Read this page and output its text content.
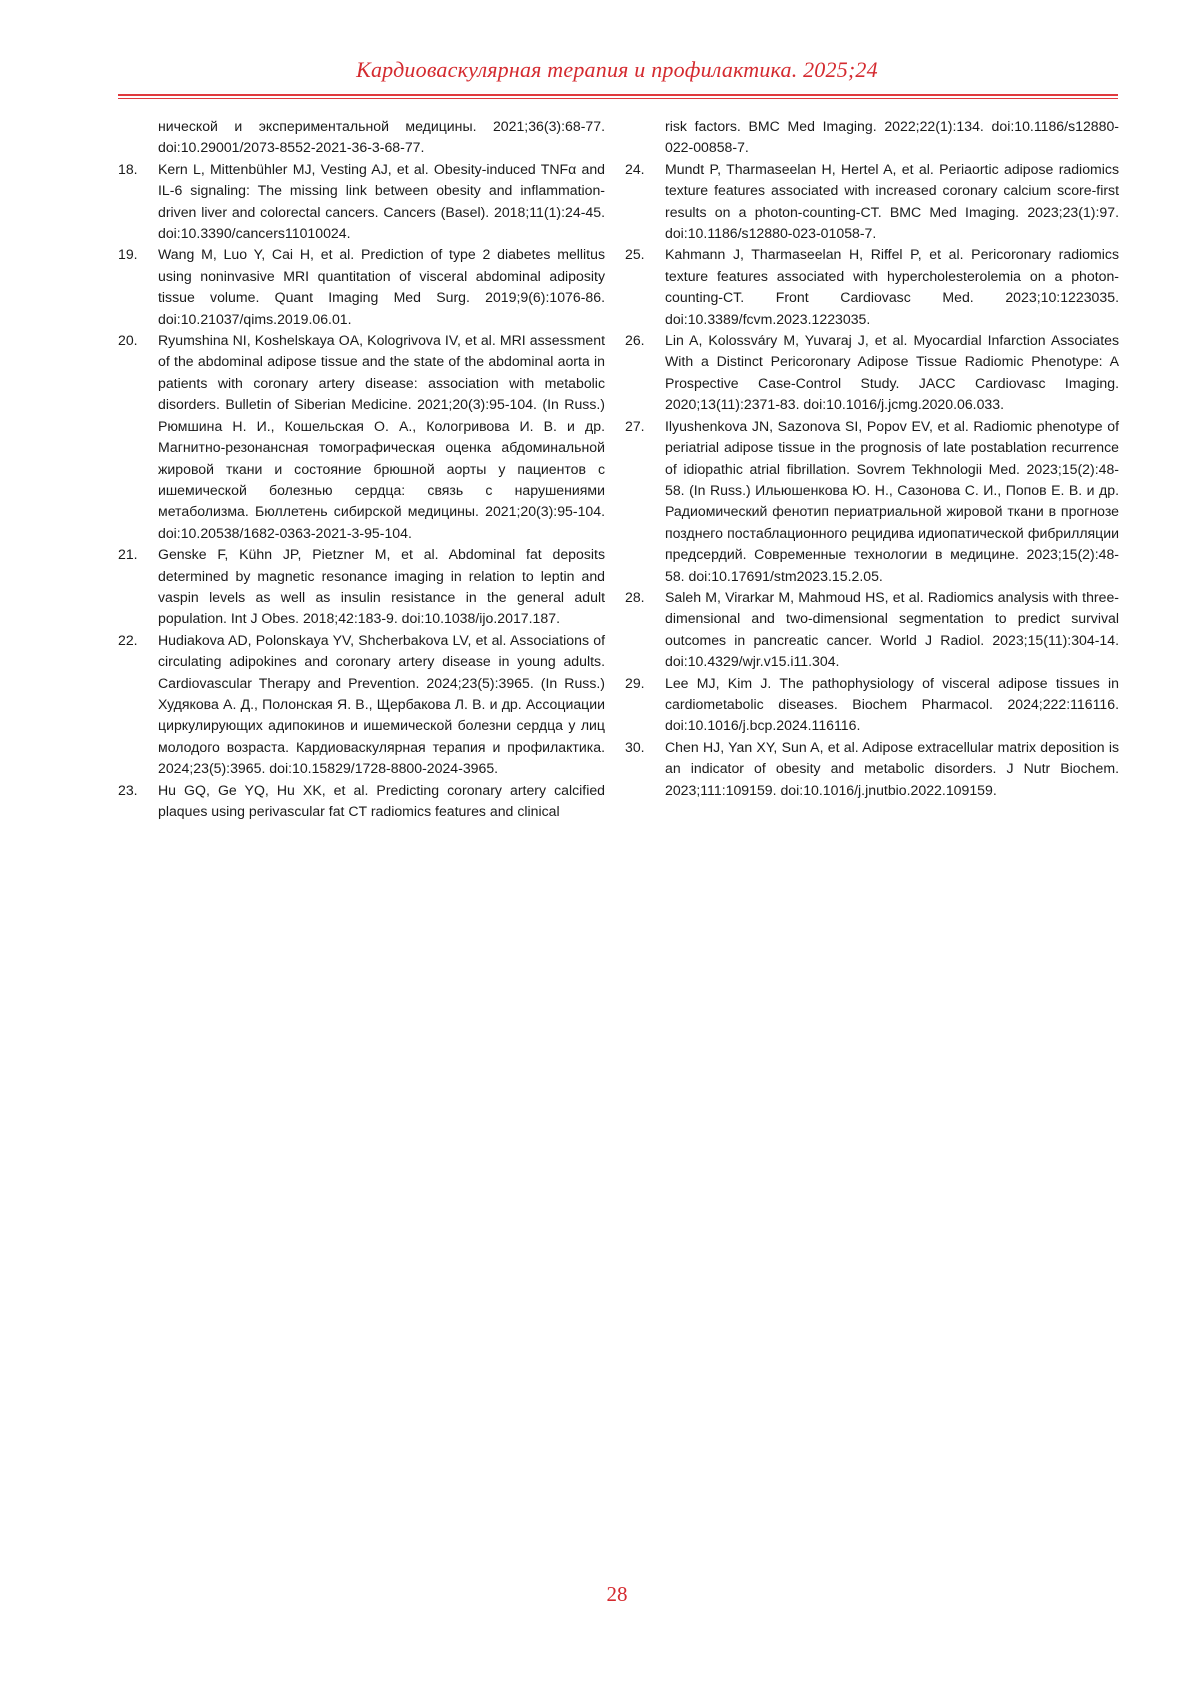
Кардиоваскулярная терапия и профилактика. 2025;24
нической и экспериментальной медицины. 2021;36(3):68-77. doi:10.29001/2073-8552-2021-36-3-68-77.
18. Kern L, Mittenbühler MJ, Vesting AJ, et al. Obesity-induced TNFα and IL-6 signaling: The missing link between obesity and inflammation-driven liver and colorectal cancers. Cancers (Basel). 2018;11(1):24-45. doi:10.3390/cancers11010024.
19. Wang M, Luo Y, Cai H, et al. Prediction of type 2 diabetes mellitus using noninvasive MRI quantitation of visceral abdominal adiposity tissue volume. Quant Imaging Med Surg. 2019;9(6):1076-86. doi:10.21037/qims.2019.06.01.
20. Ryumshina NI, Koshelskaya OA, Kologrivova IV, et al. MRI assessment of the abdominal adipose tissue and the state of the abdominal aorta in patients with coronary artery disease: association with metabolic disorders. Bulletin of Siberian Medicine. 2021;20(3):95-104. (In Russ.) Рюмшина Н. И., Кошельская О. А., Кологривова И. В. и др. Магнитно-резонансная томографическая оценка абдоминальной жировой ткани и состояние брюшной аорты у пациентов с ишемической болезнью сердца: связь с нарушениями метаболизма. Бюллетень сибирской медицины. 2021;20(3):95-104. doi:10.20538/1682-0363-2021-3-95-104.
21. Genske F, Kühn JP, Pietzner M, et al. Abdominal fat deposits determined by magnetic resonance imaging in relation to leptin and vaspin levels as well as insulin resistance in the general adult population. Int J Obes. 2018;42:183-9. doi:10.1038/ijo.2017.187.
22. Hudiakova AD, Polonskaya YV, Shcherbakova LV, et al. Associations of circulating adipokines and coronary artery disease in young adults. Cardiovascular Therapy and Prevention. 2024;23(5):3965. (In Russ.) Худякова А. Д., Полонская Я. В., Щербакова Л. В. и др. Ассоциации циркулирующих адипокинов и ишемической болезни сердца у лиц молодого возраста. Кардиоваскулярная терапия и профилактика. 2024;23(5):3965. doi:10.15829/1728-8800-2024-3965.
23. Hu GQ, Ge YQ, Hu XK, et al. Predicting coronary artery calcified plaques using perivascular fat CT radiomics features and clinical
risk factors. BMC Med Imaging. 2022;22(1):134. doi:10.1186/s12880-022-00858-7.
24. Mundt P, Tharmaseelan H, Hertel A, et al. Periaortic adipose radiomics texture features associated with increased coronary calcium score-first results on a photon-counting-CT. BMC Med Imaging. 2023;23(1):97. doi:10.1186/s12880-023-01058-7.
25. Kahmann J, Tharmaseelan H, Riffel P, et al. Pericoronary radiomics texture features associated with hypercholesterolemia on a photon-counting-CT. Front Cardiovasc Med. 2023;10:1223035. doi:10.3389/fcvm.2023.1223035.
26. Lin A, Kolossváry M, Yuvaraj J, et al. Myocardial Infarction Associates With a Distinct Pericoronary Adipose Tissue Radiomic Phenotype: A Prospective Case-Control Study. JACC Cardiovasc Imaging. 2020;13(11):2371-83. doi:10.1016/j.jcmg.2020.06.033.
27. Ilyushenkova JN, Sazonova SI, Popov EV, et al. Radiomic phenotype of periatrial adipose tissue in the prognosis of late postablation recurrence of idiopathic atrial fibrillation. Sovrem Tekhnologii Med. 2023;15(2):48-58. (In Russ.) Ильюшенкова Ю. Н., Сазонова С. И., Попов Е. В. и др. Радиомический фенотип периатриальной жировой ткани в прогнозе позднего постаблационного рецидива идиопатической фибрилляции предсердий. Современные технологии в медицине. 2023;15(2):48-58. doi:10.17691/stm2023.15.2.05.
28. Saleh M, Virarkar M, Mahmoud HS, et al. Radiomics analysis with three-dimensional and two-dimensional segmentation to predict survival outcomes in pancreatic cancer. World J Radiol. 2023;15(11):304-14. doi:10.4329/wjr.v15.i11.304.
29. Lee MJ, Kim J. The pathophysiology of visceral adipose tissues in cardiometabolic diseases. Biochem Pharmacol. 2024;222:116116. doi:10.1016/j.bcp.2024.116116.
30. Chen HJ, Yan XY, Sun A, et al. Adipose extracellular matrix deposition is an indicator of obesity and metabolic disorders. J Nutr Biochem. 2023;111:109159. doi:10.1016/j.jnutbio.2022.109159.
28
